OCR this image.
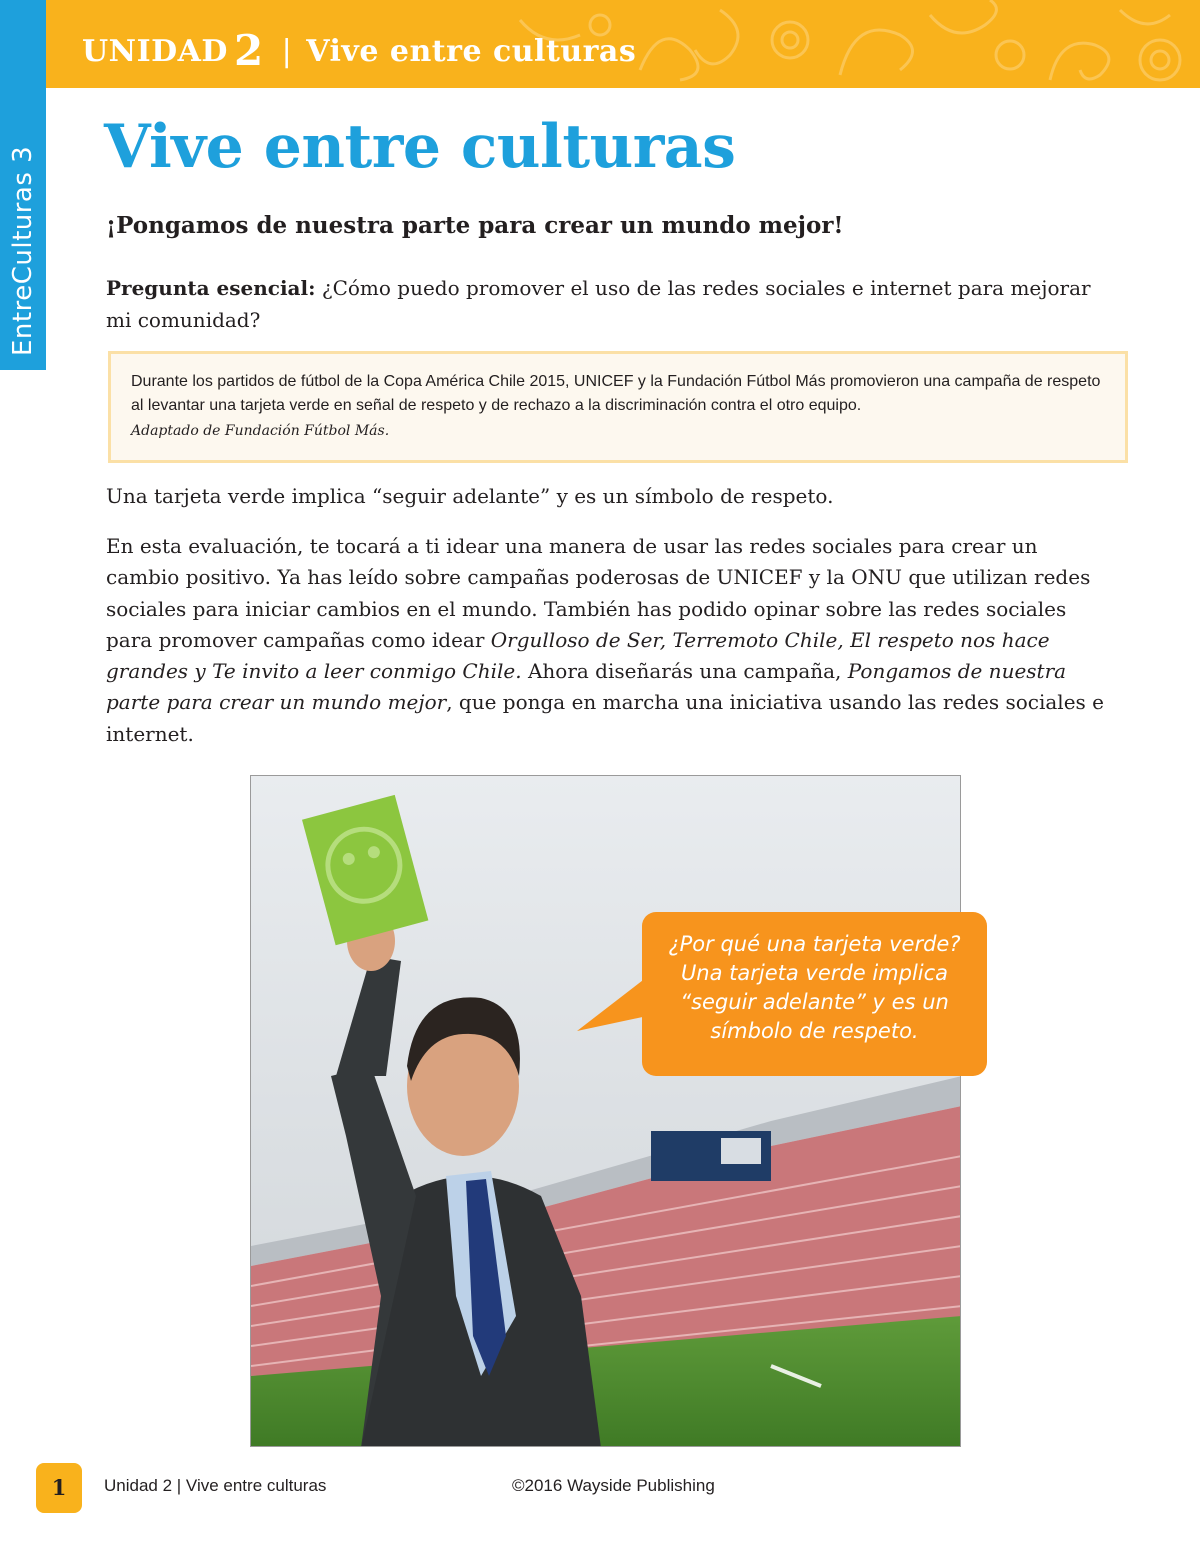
UNIDAD 2 | Vive entre culturas
EntreCulturas 3 Vive entre culturas
¡Pongamos de nuestra parte para crear un mundo mejor!

Pregunta esencial: ¿Cómo puedo promover el uso de las redes sociales e internet para mejorar mi comunidad?

Durante los partidos de fútbol de la Copa América Chile 2015, UNICEF y la Fundación Fútbol Más promovieron una campaña de respeto al levantar una tarjeta verde en señal de respeto y de rechazo a la discriminación contra el otro equipo.

Adaptado de Fundación Fútbol Más.

Una tarjeta verde implica “seguir adelante” y es un símbolo de respeto.

En esta evaluación, te tocará a ti idear una manera de usar las redes sociales para crear un cambio positivo. Ya has leído sobre campañas poderosas de UNICEF y la ONU que utilizan redes sociales para iniciar cambios en el mundo. También has podido opinar sobre las redes sociales para promover campañas como idear Orgulloso de Ser, Terremoto Chile, El respeto nos hace grandes y Te invito a leer conmigo Chile. Ahora diseñarás una campaña, Pongamos de nuestra parte para crear un mundo mejor, que ponga en marcha una iniciativa usando las redes sociales e internet.

¿Por qué una tarjeta verde?
Una tarjeta verde implica
“seguir adelante” y es un
símbolo de respeto.

1	Unidad 2 | Vive entre culturas	©2016 Wayside Publishing
